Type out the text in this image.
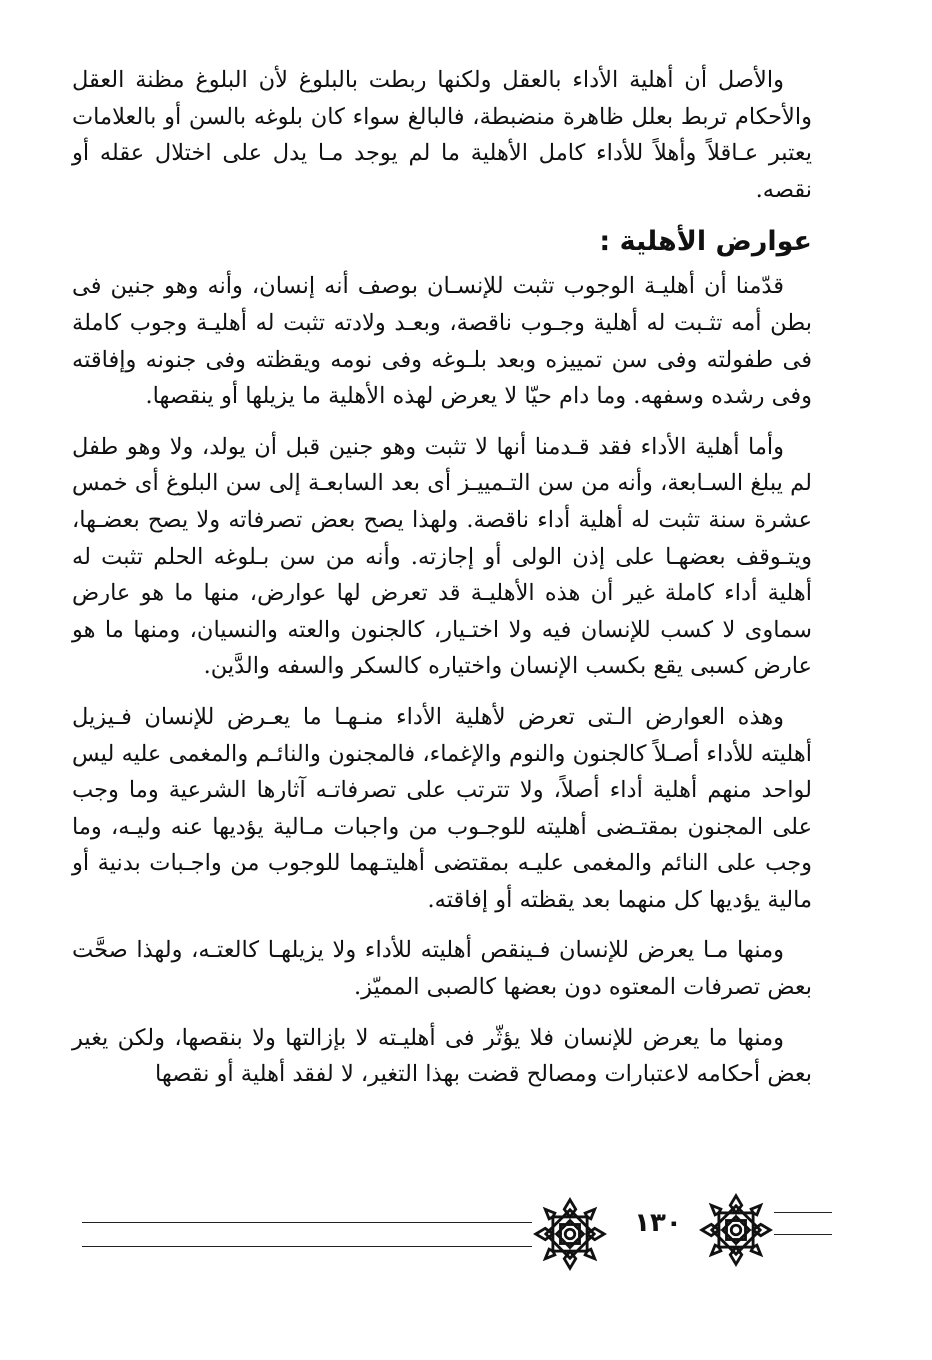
والأصل أن أهلية الأداء بالعقل ولكنها ربطت بالبلوغ لأن البلوغ مظنة العقل والأحكام تربط بعلل ظاهرة منضبطة، فالبالغ سواء كان بلوغه بالسن أو بالعلامات يعتبر عـاقلاً وأهلاً للأداء كامل الأهلية ما لم يوجد مـا يدل على اختلال عقله أو نقصه.

عوارض الأهلية :

قدّمنا أن أهليـة الوجوب تثبت للإنسـان بوصف أنه إنسان، وأنه وهو جنين فى بطن أمه تثـبت له أهلية وجـوب ناقصة، وبعـد ولادته تثبت له أهليـة وجوب كاملة فى طفولته وفى سن تمييزه وبعد بلـوغه وفى نومه ويقظته وفى جنونه وإفاقته وفى رشده وسفهه. وما دام حيّا لا يعرض لهذه الأهلية ما يزيلها أو ينقصها.

وأما أهلية الأداء فقد قـدمنا أنها لا تثبت وهو جنين قبل أن يولد، ولا وهو طفل لم يبلغ السـابعة، وأنه من سن التـمييـز أى بعد السابعـة إلى سن البلوغ أى خمس عشرة سنة تثبت له أهلية أداء ناقصة. ولهذا يصح بعض تصرفاته ولا يصح بعضـها، ويتـوقف بعضهـا على إذن الولى أو إجازته. وأنه من سن بـلوغه الحلم تثبت له أهلية أداء كاملة غير أن هذه الأهليـة قد تعرض لها عوارض، منها ما هو عارض سماوى لا كسب للإنسان فيه ولا اختـيار، كالجنون والعته والنسيان، ومنها ما هو عارض كسبى يقع بكسب الإنسان واختياره كالسكر والسفه والدَّين.

وهذه العوارض الـتى تعرض لأهلية الأداء منـهـا ما يعـرض للإنسان فـيزيل أهليته للأداء أصـلاً كالجنون والنوم والإغماء، فالمجنون والنائـم والمغمى عليه ليس لواحد منهم أهلية أداء أصلاً، ولا تترتب على تصرفاتـه آثارها الشرعية وما وجب على المجنون بمقتـضى أهليته للوجـوب من واجبات مـالية يؤديها عنه وليـه، وما وجب على النائم والمغمى عليـه بمقتضى أهليتـهما للوجوب من واجـبات بدنية أو مالية يؤديها كل منهما بعد يقظته أو إفاقته.

ومنها مـا يعرض للإنسان فـينقص أهليته للأداء ولا يزيلهـا كالعتـه، ولهذا صحَّت بعض تصرفات المعتوه دون بعضها كالصبى المميّز.

ومنها ما يعرض للإنسان فلا يؤثّر فى أهليـته لا بإزالتها ولا بنقصها، ولكن يغير بعض أحكامه لاعتبارات ومصالح قضت بهذا التغير، لا لفقد أهلية أو نقصها

١٣٠
